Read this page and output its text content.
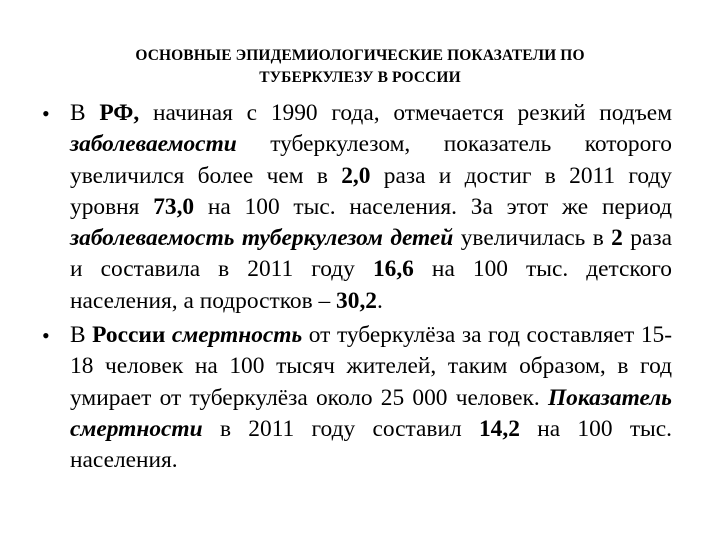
ОСНОВНЫЕ ЭПИДЕМИОЛОГИЧЕСКИЕ ПОКАЗАТЕЛИ ПО
ТУБЕРКУЛЕЗУ В РОССИИ

• В РФ, начиная с 1990 года, отмечается резкий подъем заболеваемости туберкулезом, показатель которого увеличился более чем в 2,0 раза и достиг в 2011 году уровня 73,0 на 100 тыс. населения. За этот же период заболеваемость туберкулезом детей увеличилась в 2 раза и составила в 2011 году 16,6 на 100 тыс. детского населения, а подростков – 30,2.

• В России смертность от туберкулёза за год составляет 15-18 человек на 100 тысяч жителей, таким образом, в год умирает от туберкулёза около 25 000 человек. Показатель смертности в 2011 году составил 14,2 на 100 тыс. населения.
